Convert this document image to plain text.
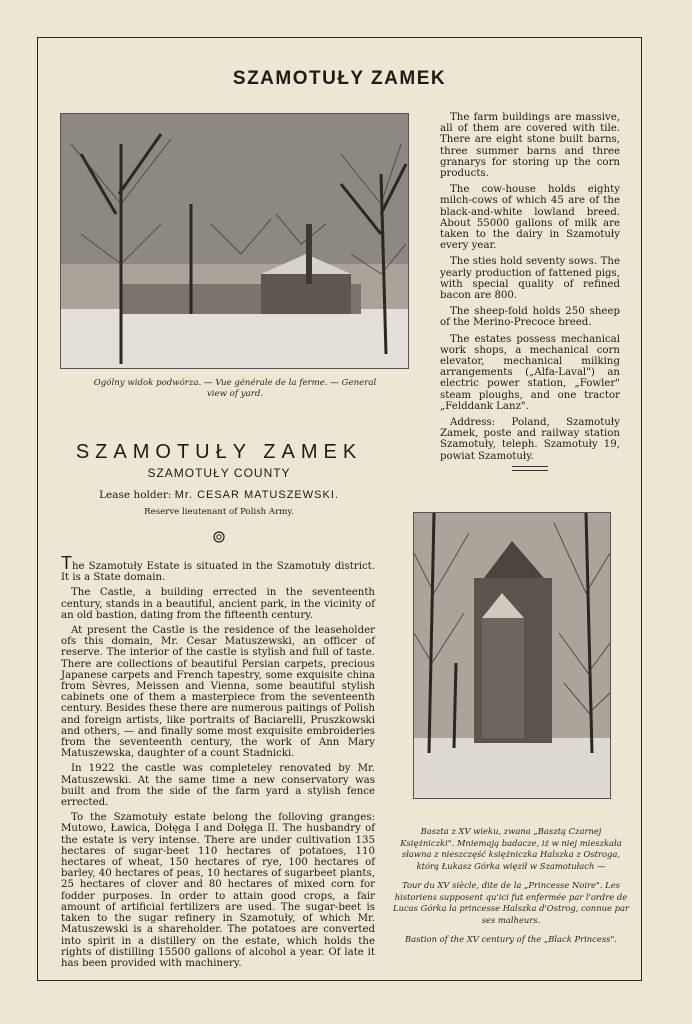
SZAMOTUŁY ZAMEK
Ogólny widok podwórza. — Vue générale de la ferme. — General view of yard.
SZAMOTUŁY ZAMEK
SZAMOTUŁY COUNTY
Lease holder: Mr. CESAR MATUSZEWSKI.
Reserve lieutenant of Polish Army.

The Szamotuły Estate is situated in the Szamotuły district. It is a State domain.

The Castle, a building errected in the seventeenth century, stands in a beautiful, ancient park, in the vicinity of an old bastion, dating from the fifteenth century.

At present the Castle is the residence of the leaseholder ofs this domain, Mr. Cesar Matuszewski, an officer of reserve. The interior of the castle is stylish and full of taste. There are collections of beautiful Persian carpets, precious Japanese carpets and French tapestry, some exquisite china from Sèvres, Meissen and Vienna, some beautiful stylish cabinets one of them a masterpiece from the seventeenth century. Besides these there are numerous paitings of Polish and foreign artists, like portraits of Baciarelli, Pruszkowski and others, — and finally some most exquisite embroideries from the seventeenth century, the work of Ann Mary Matuszewska, daughter of a count Stadnicki.

In 1922 the castle was completeley renovated by Mr. Matuszewski. At the same time a new conservatory was built and from the side of the farm yard a stylish fence errected.

To the Szamotuły estate belong the folloving granges: Mutowo, Ławica, Dołęga I and Dołęga II. The husbandry of the estate is very intense. There are under cultivation 135 hectares of sugar-beet 110 hectares of potatoes, 110 hectares of wheat, 150 hectares of rye, 100 hectares of barley, 40 hectares of peas, 10 hectares of sugarbeet plants, 25 hectares of clover and 80 hectares of mixed corn for fodder purposes. In order to attain good crops, a fair amount of artificial fertilizers are used. The sugar-beet is taken to the sugar refinery in Szamotuły, of which Mr. Matuszewski is a shareholder. The potatoes are converted into spirit in a distillery on the estate, which holds the rights of distilling 15500 gallons of alcohol a year. Of late it has been provided with machinery.

The farm buildings are massive, all of them are covered with tile. There are eight stone built barns, three summer barns and three granarys for storing up the corn products.

The cow-house holds eighty milch-cows of which 45 are of the black-and-white lowland breed. About 55000 gallons of milk are taken to the dairy in Szamotuły every year.

The sties hold seventy sows. The yearly production of fattened pigs, with special quality of refined bacon are 800.

The sheep-fold holds 250 sheep of the Merino-Precoce breed.

The estates possess mechanical work shops, a mechanical corn elevator, mechanical milking arrangements („Alfa-Laval") an electric power station, „Fowler" steam ploughs, and one tractor „Felddank Lanz".

Address: Poland, Szamotuły Zamek, poste and railway station Szamotuły, teleph. Szamotuły 19, powiat Szamotuły.

Baszta z XV wieku, zwana „Basztą Czarnej Księżniczki". Mniemają badacze, iż w niej mieszkała sławna z nieszczęść księżniczka Halszka z Ostroga, którą Łukasz Górka więził w Szamotułach —

Tour du XV siècle, dite de la „Princesse Noire". Les historiens supposent qu'ici fut enfermée par l'ordre de Lucas Górka la princesse Halszka d'Ostrog, connue par ses malheurs.

Bastion of the XV century of the „Black Princess".
